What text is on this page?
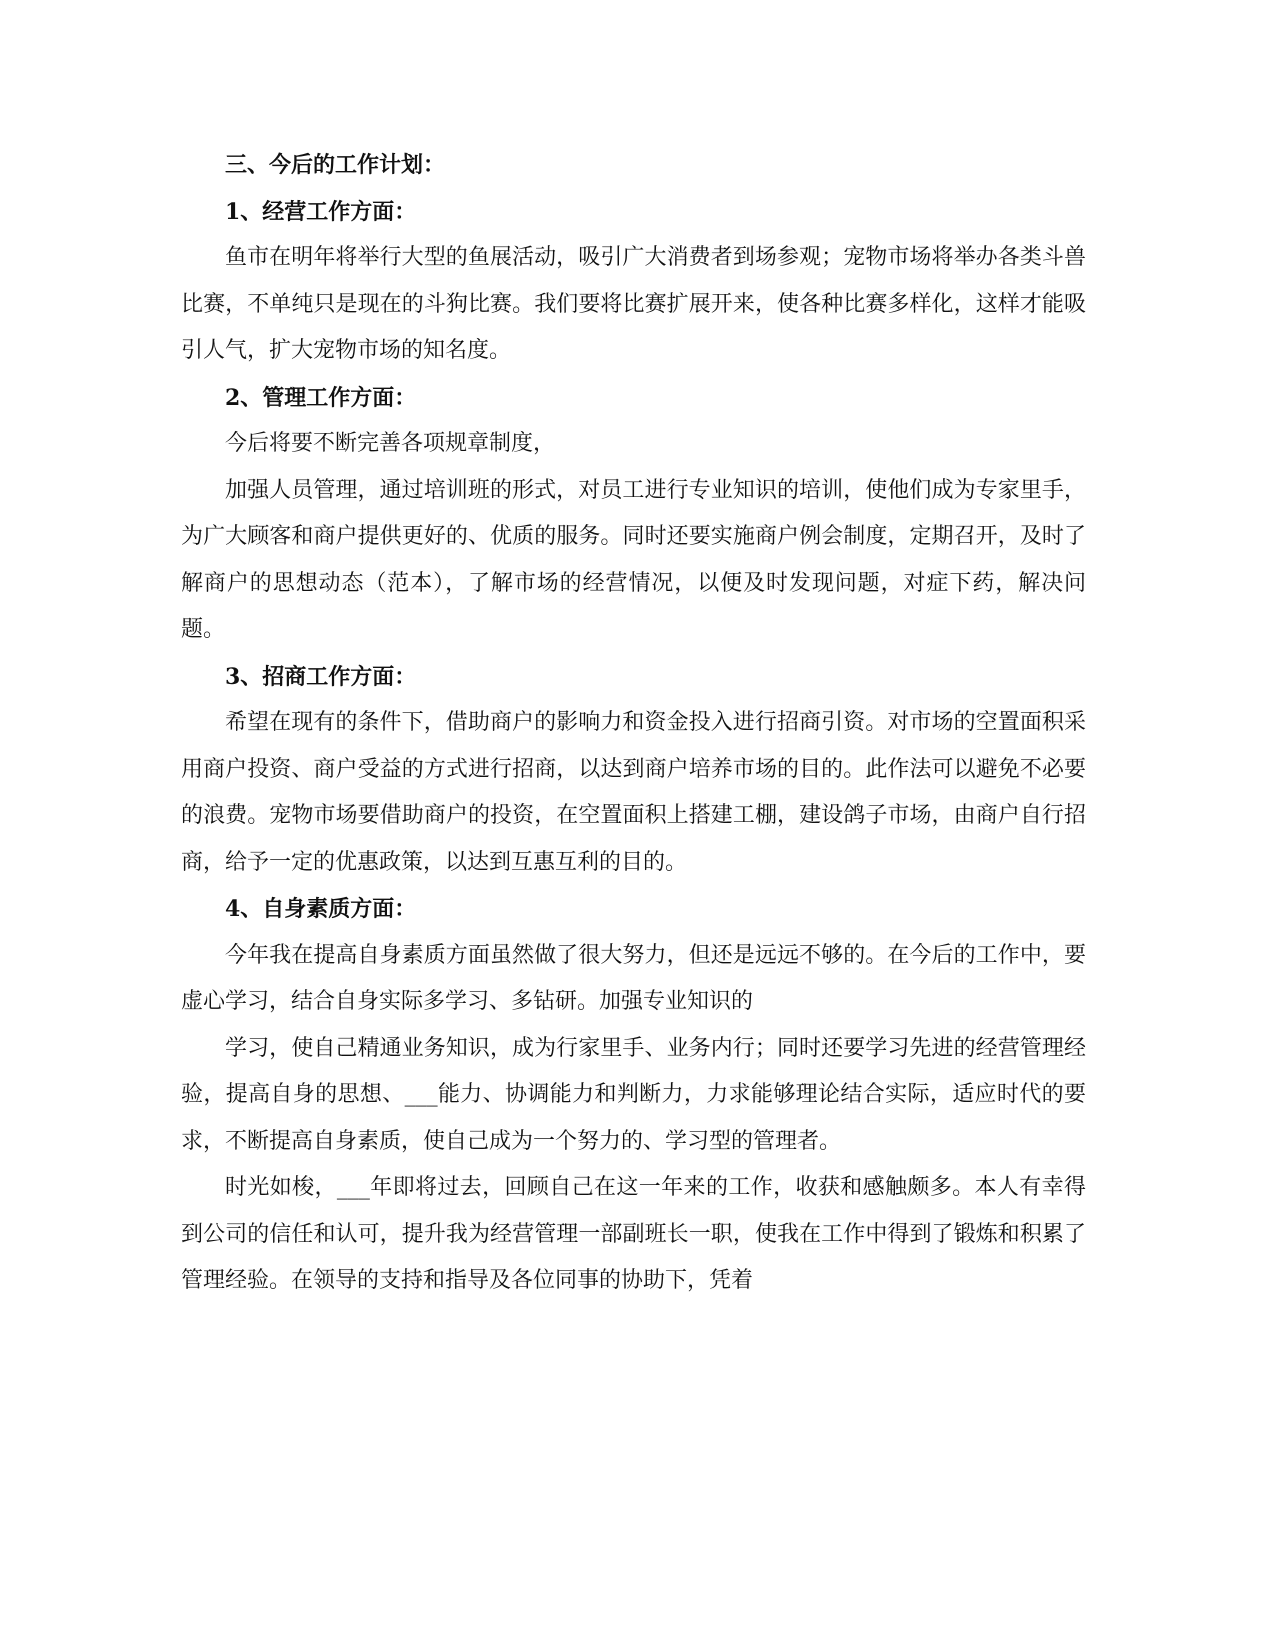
三、今后的工作计划：

1、经营工作方面：

鱼市在明年将举行大型的鱼展活动，吸引广大消费者到场参观；宠物市场将举办各类斗兽比赛，不单纯只是现在的斗狗比赛。我们要将比赛扩展开来，使各种比赛多样化，这样才能吸引人气，扩大宠物市场的知名度。

2、管理工作方面：

今后将要不断完善各项规章制度，

加强人员管理，通过培训班的形式，对员工进行专业知识的培训，使他们成为专家里手，为广大顾客和商户提供更好的、优质的服务。同时还要实施商户例会制度，定期召开，及时了解商户的思想动态（范本），了解市场的经营情况，以便及时发现问题，对症下药，解决问题。

3、招商工作方面：

希望在现有的条件下，借助商户的影响力和资金投入进行招商引资。对市场的空置面积采用商户投资、商户受益的方式进行招商，以达到商户培养市场的目的。此作法可以避免不必要的浪费。宠物市场要借助商户的投资，在空置面积上搭建工棚，建设鸽子市场，由商户自行招商，给予一定的优惠政策，以达到互惠互利的目的。

4、自身素质方面：

今年我在提高自身素质方面虽然做了很大努力，但还是远远不够的。在今后的工作中，要虚心学习，结合自身实际多学习、多钻研。加强专业知识的

学习，使自己精通业务知识，成为行家里手、业务内行；同时还要学习先进的经营管理经验，提高自身的思想、___能力、协调能力和判断力，力求能够理论结合实际，适应时代的要求，不断提高自身素质，使自己成为一个努力的、学习型的管理者。

时光如梭，___年即将过去，回顾自己在这一年来的工作，收获和感触颇多。本人有幸得到公司的信任和认可，提升我为经营管理一部副班长一职，使我在工作中得到了锻炼和积累了管理经验。在领导的支持和指导及各位同事的协助下，凭着
